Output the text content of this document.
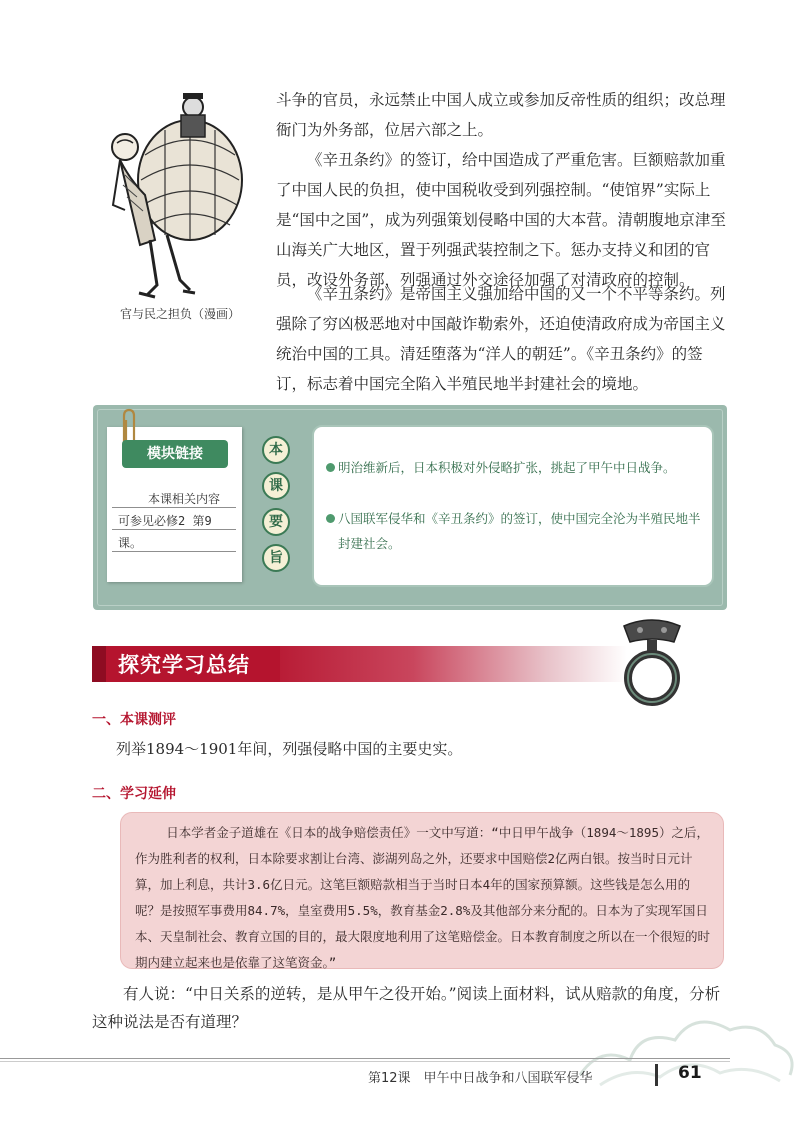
官与民之担负（漫画）

斗争的官员，永远禁止中国人成立或参加反帝性质的组织；改总理衙门为外务部，位居六部之上。

《辛丑条约》的签订，给中国造成了严重危害。巨额赔款加重了中国人民的负担，使中国税收受到列强控制。“使馆界”实际上是“国中之国”，成为列强策划侵略中国的大本营。清朝腹地京津至山海关广大地区，置于列强武装控制之下。惩办支持义和团的官员，改设外务部，列强通过外交途径加强了对清政府的控制。

《辛丑条约》是帝国主义强加给中国的又一个不平等条约。列强除了穷凶极恶地对中国敲诈勒索外，还迫使清政府成为帝国主义统治中国的工具。清廷堕落为“洋人的朝廷”。《辛丑条约》的签订，标志着中国完全陷入半殖民地半封建社会的境地。

模块链接
本课相关内容
可参见必修2 第9
课。
本
课
要
旨
明治维新后，日本积极对外侵略扩张，挑起了甲午中日战争。
八国联军侵华和《辛丑条约》的签订，使中国完全沦为半殖民地半封建社会。
探究学习总结
一、本课测评
列举1894～1901年间，列强侵略中国的主要史实。
二、学习延伸
日本学者金子道雄在《日本的战争赔偿责任》一文中写道：“中日甲午战争（1894～1895）之后，作为胜利者的权利，日本除要求割让台湾、澎湖列岛之外，还要求中国赔偿2亿两白银。按当时日元计算，加上利息，共计3.6亿日元。这笔巨额赔款相当于当时日本4年的国家预算额。这些钱是怎么用的呢？是按照军事费用84.7%，皇室费用5.5%，教育基金2.8%及其他部分来分配的。日本为了实现军国日本、天皇制社会、教育立国的目的，最大限度地利用了这笔赔偿金。日本教育制度之所以在一个很短的时期内建立起来也是依靠了这笔资金。”
有人说：“中日关系的逆转，是从甲午之役开始。”阅读上面材料，试从赔款的角度，分析这种说法是否有道理？
第12课　甲午中日战争和八国联军侵华	61
